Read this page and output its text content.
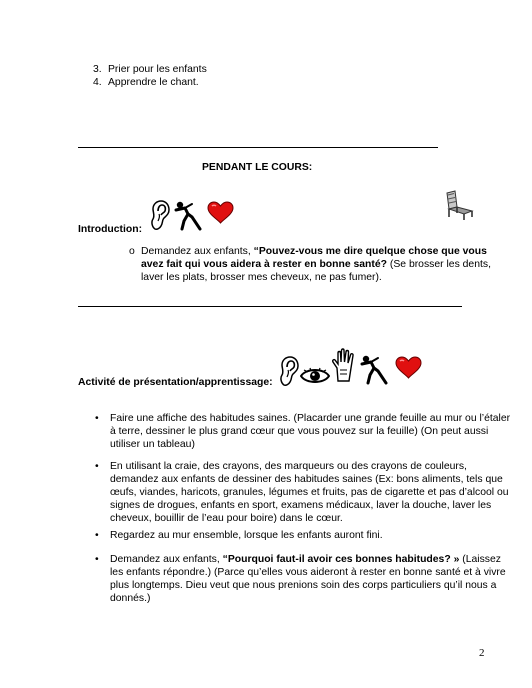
3. Prier pour les enfants
4. Apprendre le chant.
PENDANT LE COURS:
Introduction:
o Demandez aux enfants, “Pouvez-vous me dire quelque chose que vous avez fait qui vous aidera à rester en bonne santé? (Se brosser les dents, laver les plats, brosser mes cheveux, ne pas fumer).
Activité de présentation/apprentissage:
•	Faire une affiche des habitudes saines. (Placarder une grande feuille au mur ou l’étaler à terre, dessiner le plus grand cœur que vous pouvez sur la feuille) (On peut aussi utiliser un tableau)
•	En utilisant la craie, des crayons, des marqueurs ou des crayons de couleurs, demandez aux enfants de dessiner des habitudes saines (Ex: bons aliments, tels que œufs, viandes, haricots, granules, légumes et fruits, pas de cigarette et pas d’alcool ou signes de drogues, enfants en sport, examens médicaux, laver la douche, laver les cheveux, bouillir de l’eau pour boire) dans le cœur.
•	Regardez au mur ensemble, lorsque les enfants auront fini.
•	Demandez aux enfants, “Pourquoi faut-il avoir ces bonnes habitudes? » (Laissez les enfants répondre.) (Parce qu’elles vous aideront à rester en bonne santé et à vivre plus longtemps. Dieu veut que nous prenions soin des corps particuliers qu’il nous a donnés.)
2
